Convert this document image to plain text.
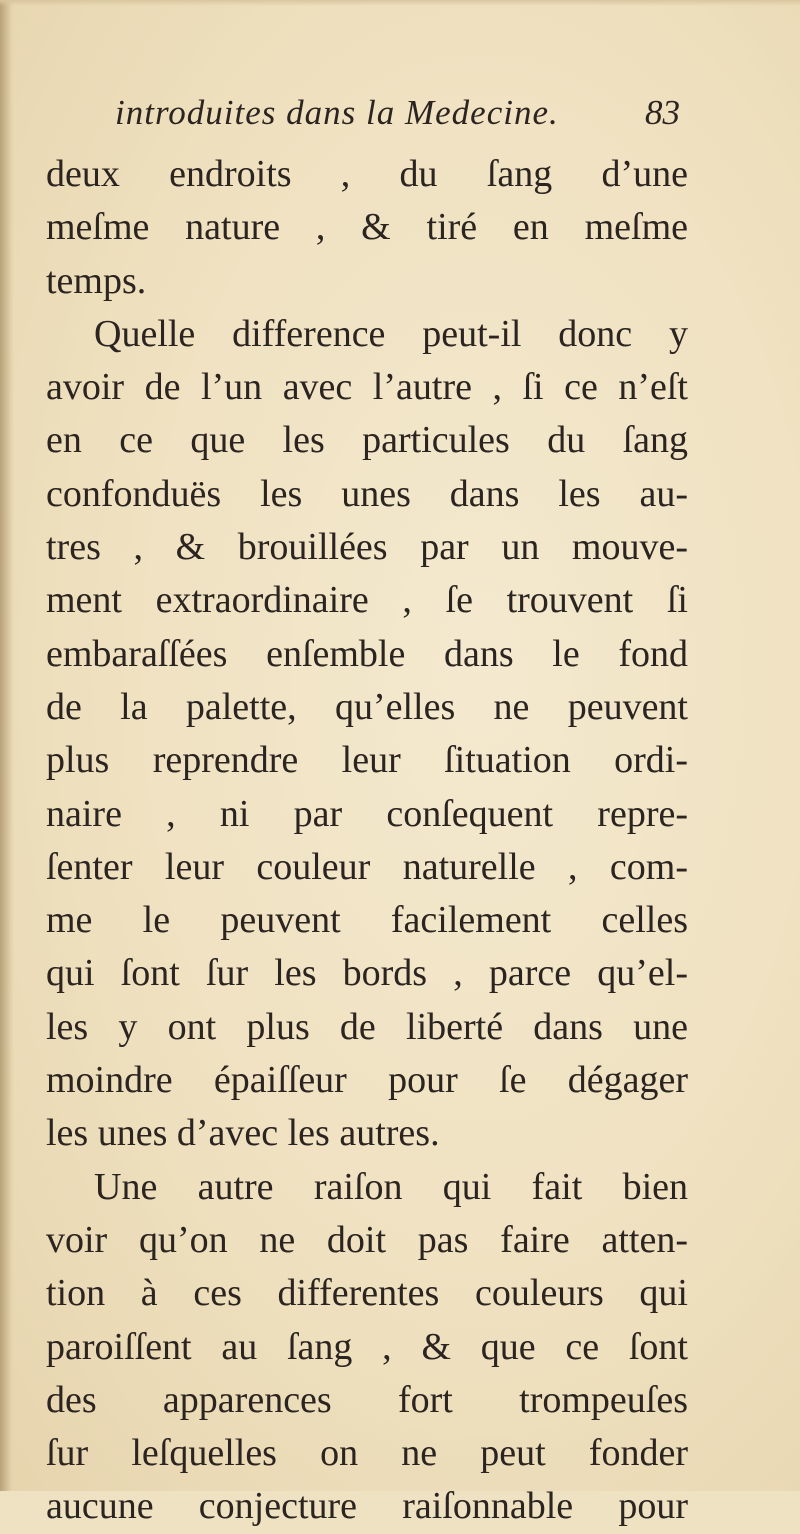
introduites dans la Medecine. 83
deux endroits , du ſang d’une
meſme nature , & tiré en meſme
temps.
Quelle difference peut-il donc y
avoir de l’un avec l’autre , ſi ce n’eſt
en ce que les particules du ſang
confonduës les unes dans les au-
tres , & brouillées par un mouve-
ment extraordinaire , ſe trouvent ſi
embaraſſées enſemble dans le fond
de la palette, qu’elles ne peuvent
plus reprendre leur ſituation ordi-
naire , ni par conſequent repre-
ſenter leur couleur naturelle , com-
me le peuvent facilement celles
qui ſont ſur les bords , parce qu’el-
les y ont plus de liberté dans une
moindre épaiſſeur pour ſe dégager
les unes d’avec les autres.
Une autre raiſon qui fait bien
voir qu’on ne doit pas faire atten-
tion à ces differentes couleurs qui
paroiſſent au ſang , & que ce ſont
des apparences fort trompeuſes
ſur leſquelles on ne peut fonder
aucune conjecture raiſonnable pour
